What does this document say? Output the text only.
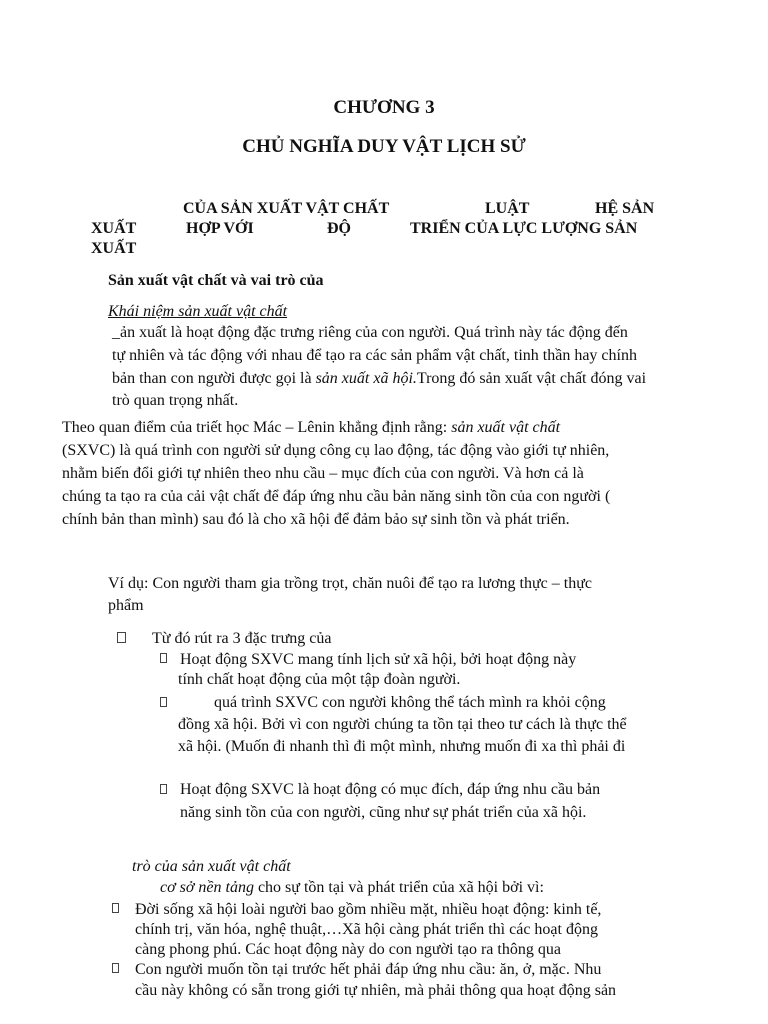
CHƯƠNG 3
CHỦ NGHĨA DUY VẬT LỊCH SỬ
CỦA SẢN XUẤT VẬT CHẤT	LUẬT	HỆ SẢN
XUẤT	HỢP VỚI	ĐỘ	TRIỂN CỦA LỰC LƯỢNG SẢN
XUẤT
Sản xuất vật chất và vai trò của
Khái niệm sản xuất vật chất
_ản xuất là hoạt động đặc trưng riêng của con người. Quá trình này tác động đến
tự nhiên và tác động với nhau để tạo ra các sản phẩm vật chất, tinh thần hay chính
bản than con người được gọi là sản xuất xã hội.Trong đó sản xuất vật chất đóng vai
trò quan trọng nhất.
Theo quan điểm của triết học Mác – Lênin khẳng định rằng: sản xuất vật chất
(SXVC) là quá trình con người sử dụng công cụ lao động, tác động vào giới tự nhiên,
nhằm biến đổi giới tự nhiên theo nhu cầu – mục đích của con người. Và hơn cả là
chúng ta tạo ra của cải vật chất để đáp ứng nhu cầu bản năng sinh tồn của con người (
chính bản than mình) sau đó là cho xã hội để đảm bảo sự sinh tồn và phát triển.
Ví dụ: Con người tham gia trồng trọt, chăn nuôi để tạo ra lương thực – thực
phẩm
Từ đó rút ra 3 đặc trưng của
Hoạt động SXVC mang tính lịch sử xã hội, bởi hoạt động này
tính chất hoạt động của một tập đoàn người.
quá trình SXVC con người không thể tách mình ra khỏi cộng
đồng xã hội. Bởi vì con người chúng ta tồn tại theo tư cách là thực thể
xã hội. (Muốn đi nhanh thì đi một mình, nhưng muốn đi xa thì phải đi
Hoạt động SXVC là hoạt động có mục đích, đáp ứng nhu cầu bản
năng sinh tồn của con người, cũng như sự phát triển của xã hội.
trò của sản xuất vật chất
cơ sở nền tảng cho sự tồn tại và phát triển của xã hội bởi vì:
Đời sống xã hội loài người bao gồm nhiều mặt, nhiều hoạt động: kinh tế,
chính trị, văn hóa, nghệ thuật,…Xã hội càng phát triển thì các hoạt động
càng phong phú. Các hoạt động này do con người tạo ra thông qua
Con người muốn tồn tại trước hết phải đáp ứng nhu cầu: ăn, ở, mặc. Nhu
cầu này không có sẵn trong giới tự nhiên, mà phải thông qua hoạt động sản
